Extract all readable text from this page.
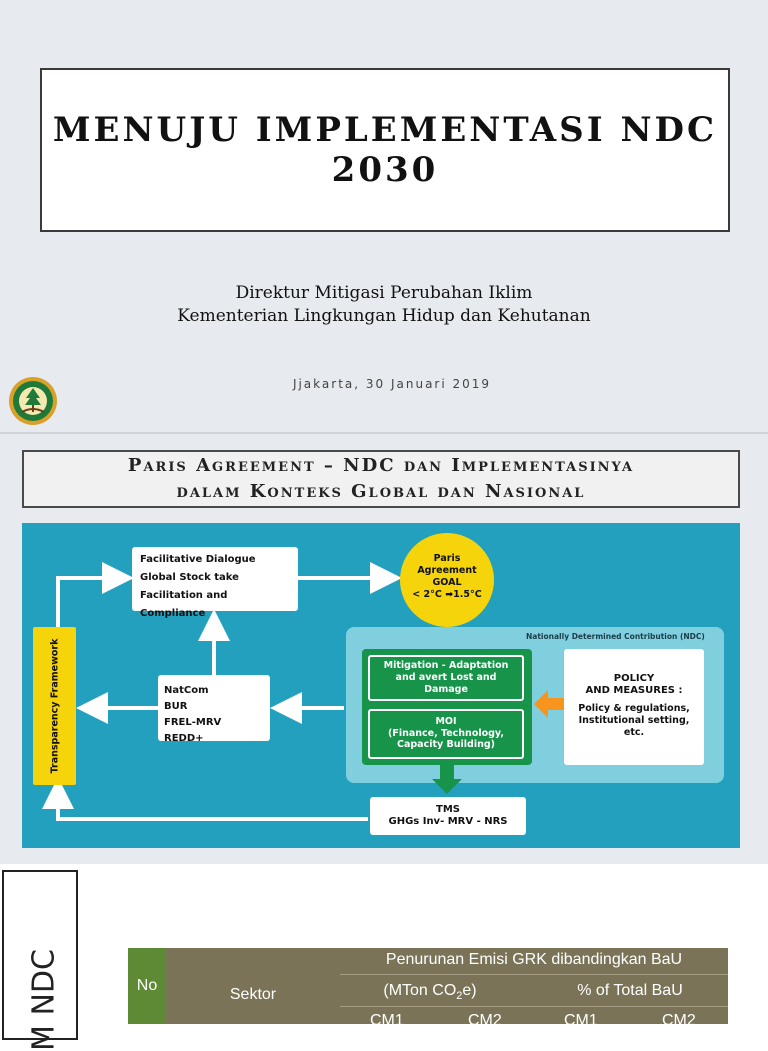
MENUJU IMPLEMENTASI NDC
2030
Direktur Mitigasi Perubahan Iklim
Kementerian Lingkungan Hidup dan Kehutanan
Jjakarta, 30 Januari 2019
Paris Agreement – NDC dan Implementasinya
dalam Konteks Global dan Nasional
Facilitative Dialogue
Global Stock take
Facilitation and Compliance
Paris
Agreement
GOAL
< 2°C ➡1.5°C
Transparency Framework	NatCom
BUR
FREL-MRV REDD+
Nationally Determined Contribution (NDC)
Mitigation - Adaptation and avert Lost and Damage
MOI
(Finance, Technology,
Capacity Building)
POLICY
AND MEASURES :
Policy & regulations, Institutional setting, etc.
TMS
GHGs Inv- MRV - NRS
M NDC	No
Sektor
Penurunan Emisi GRK dibandingkan BaU
(MTon $CO_2e$)	% of Total BaU
CM1	CM2	CM1	CM2
